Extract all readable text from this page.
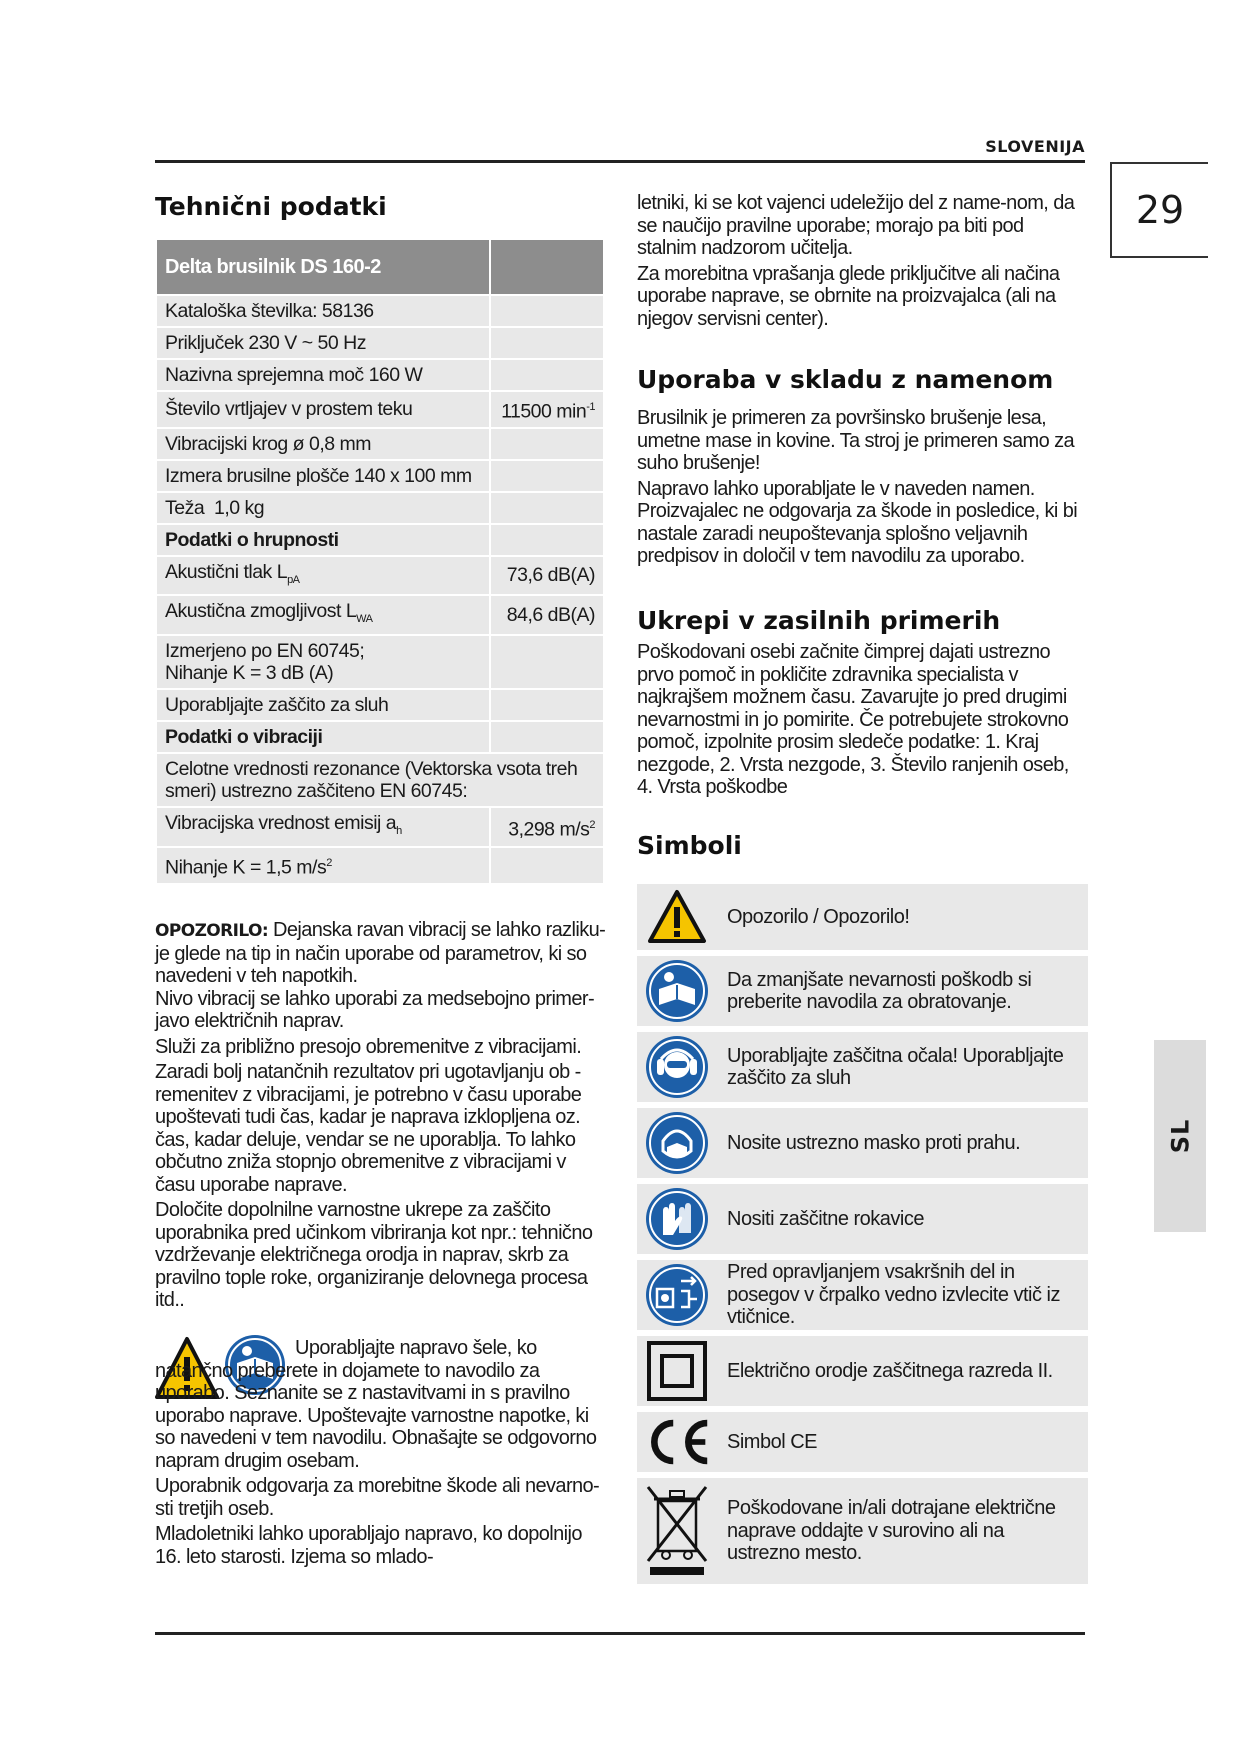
SLOVENIJA
29
SL
Tehnični podatki
Delta brusilnik DS 160-2	
Kataloška številka: 58136	
Priključek 230 V ~ 50 Hz	
Nazivna sprejemna moč 160 W	
Število vrtljajev v prostem teku	11500 $\min^{-1}$
Vibracijski krog ø 0,8 mm	
Izmera brusilne plošče 140 x 100 mm	
Teža  1,0 kg	
Podatki o hrupnosti	
Akustični tlak $L_{pA}$	73,6 dB(A)
Akustična zmogljivost $L_{WA}$	84,6 dB(A)
Izmerjeno po EN 60745; Nihanje K = 3 dB (A)	
Uporabljajte zaščito za sluh	
Podatki o vibraciji	
Celotne vrednosti rezonance (Vektorska vsota treh smeri) ustrezno zaščiteno EN 60745:	
Vibracijska vrednost emisij $a_h$	3,298 $m/s^2$
Nihanje K = 1,5 $m/s^2$	
OPOZORILO: Dejanska ravan vibracij se lahko razliku-je glede na tip in način uporabe od parametrov, ki so navedeni v teh napotkih.
Nivo vibracij se lahko uporabi za medsebojno primer-javo električnih naprav.
Služi za približno presojo obremenitve z vibracijami.
Zaradi bolj natančnih rezultatov pri ugotavljanju ob - remenitev z vibracijami, je potrebno v času uporabe upoštevati tudi čas, kadar je naprava izklopljena oz. čas, kadar deluje, vendar se ne uporablja. To lahko občutno zniža stopnjo obremenitve z vibracijami v času uporabe naprave.
Določite dopolnilne varnostne ukrepe za zaščito uporabnika pred učinkom vibriranja kot npr.: tehnično vzdrževanje električnega orodja in naprav, skrb za pravilno tople roke, organiziranje delovnega procesa itd..
Uporabljajte napravo šele, ko natančno preberete in dojamete to navodilo za uporabo. Seznanite se z nastavitvami in s pravilno uporabo naprave. Upoštevajte varnostne napotke, ki so navedeni v tem navodilu. Obnašajte se odgovorno napram drugim osebam.
Uporabnik odgovarja za morebitne škode ali nevarno-sti tretjih oseb.
Mladoletniki lahko uporabljajo napravo, ko dopolnijo 16. leto starosti. Izjema so mlado-
letniki, ki se kot vajenci udeležijo del z name-nom, da se naučijo pravilne uporabe; morajo pa biti pod stalnim nadzorom učitelja.
Za morebitna vprašanja glede priključitve ali načina uporabe naprave, se obrnite na proizvajalca (ali na njegov servisni center).
Uporaba v skladu z namenom
Brusilnik je primeren za površinsko brušenje lesa, umetne mase in kovine. Ta stroj je primeren samo za suho brušenje!
Napravo lahko uporabljate le v naveden namen. Proizvajalec ne odgovarja za škode in posledice, ki bi nastale zaradi neupoštevanja splošno veljavnih predpisov in določil v tem navodilu za uporabo.
Ukrepi v zasilnih primerih
Poškodovani osebi začnite čimprej dajati ustrezno prvo pomoč in pokličite zdravnika specialista v najkrajšem možnem času. Zavarujte jo pred drugimi nevarnostmi in jo pomirite. Če potrebujete strokovno pomoč, izpolnite prosim sledeče podatke: 1. Kraj nezgode, 2. Vrsta nezgode, 3. Število ranjenih oseb, 4. Vrsta poškodbe
Simboli
Opozorilo / Opozorilo!
Da zmanjšate nevarnosti poškodb si preberite navodila za obratovanje.
Uporabljajte zaščitna očala! Uporabljajte zaščito za sluh
Nosite ustrezno masko proti prahu.
Nositi zaščitne rokavice
Pred opravljanjem vsakršnih del in posegov v črpalko vedno izvlecite vtič iz vtičnice.
Električno orodje zaščitnega razreda II.
Simbol CE
Poškodovane in/ali dotrajane električne naprave oddajte v surovino ali na ustrezno mesto.
